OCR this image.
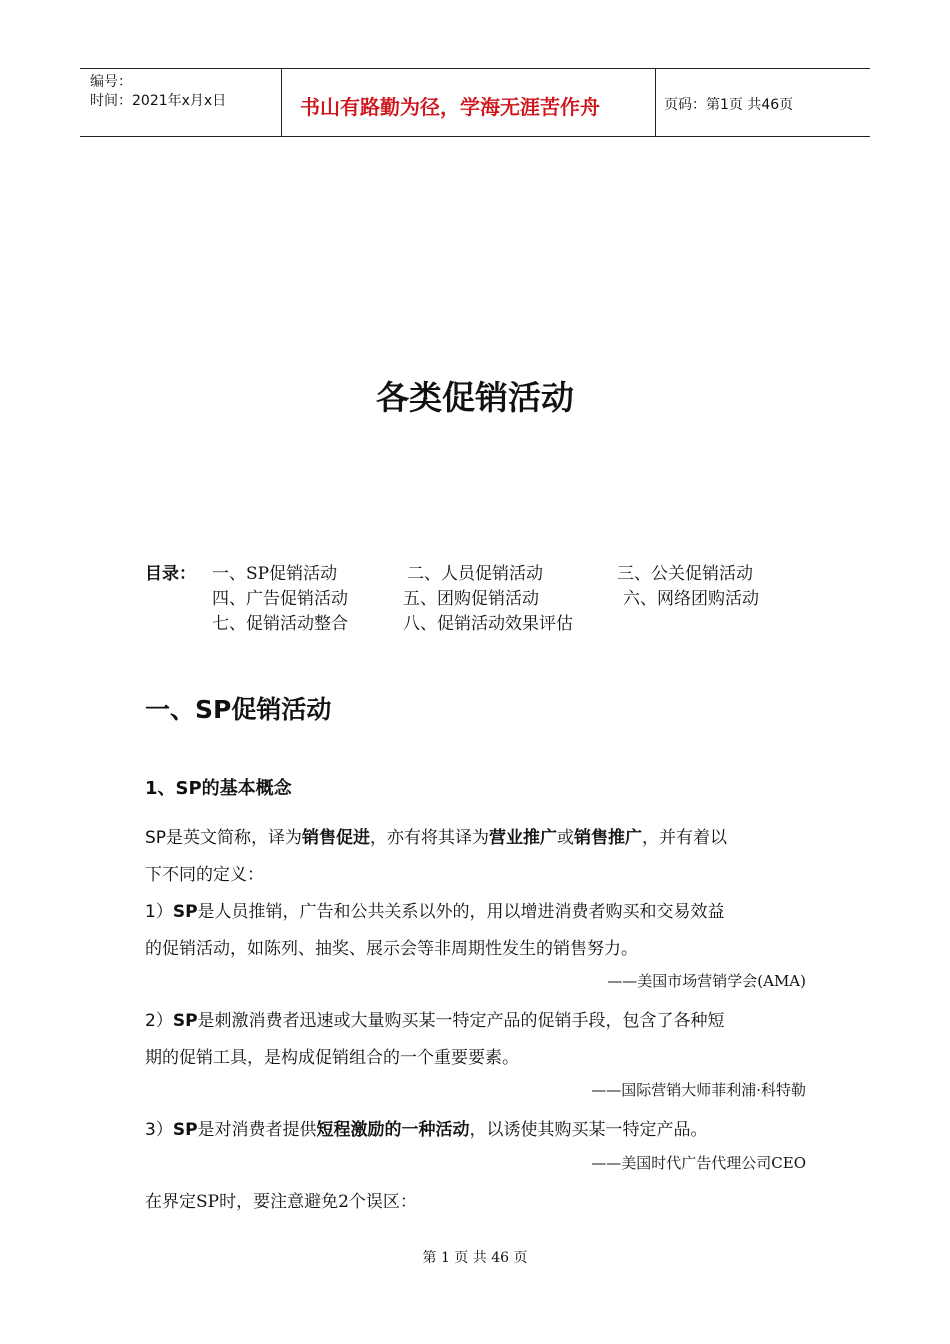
编号：
时间：2021年x月x日	书山有路勤为径，学海无涯苦作舟	页码：第1页 共46页
各类促销活动
目录： 一、SP促销活动	二、人员促销活动	三、公关促销活动
四、广告促销活动	五、团购促销活动	六、网络团购活动
七、促销活动整合	八、促销活动效果评估
一、SP促销活动
1、SP的基本概念
SP是英文简称，译为销售促进，亦有将其译为营业推广或销售推广，并有着以
下不同的定义：
1）SP是人员推销，广告和公共关系以外的，用以增进消费者购买和交易效益
的促销活动，如陈列、抽奖、展示会等非周期性发生的销售努力。
——美国市场营销学会(AMA)
2）SP是刺激消费者迅速或大量购买某一特定产品的促销手段，包含了各种短
期的促销工具，是构成促销组合的一个重要要素。
——国际营销大师菲利浦·科特勒
3）SP是对消费者提供短程激励的一种活动，以诱使其购买某一特定产品。
——美国时代广告代理公司CEO
在界定SP时，要注意避免2个误区：
第 1 页 共 46 页
